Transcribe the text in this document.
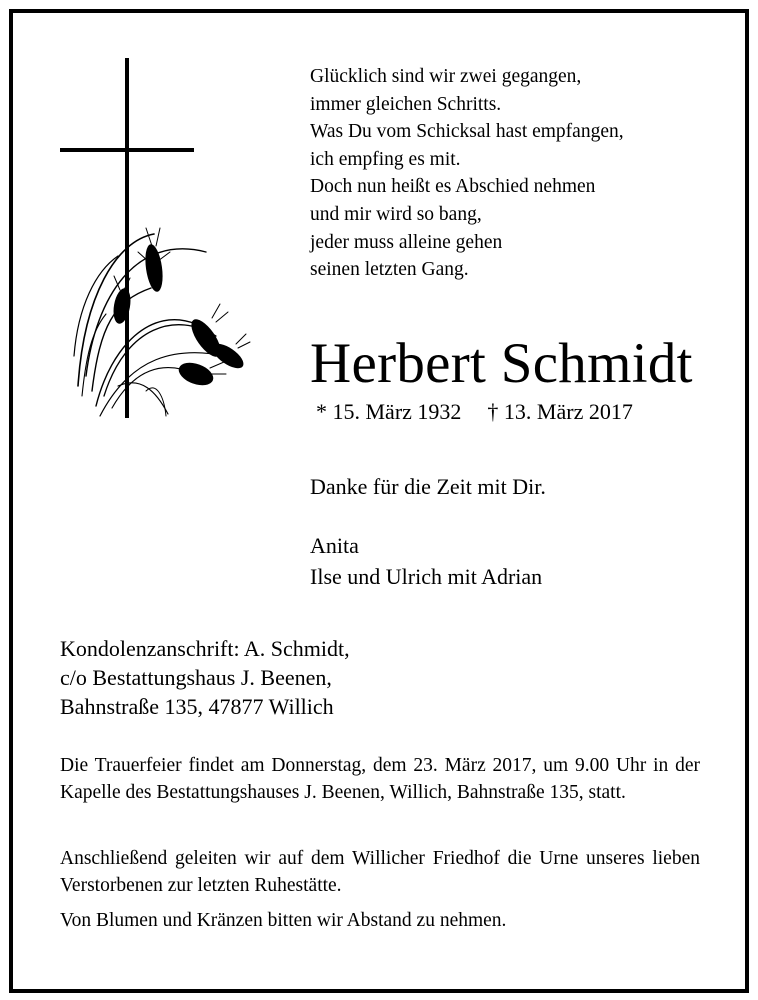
Glücklich sind wir zwei gegangen,
immer gleichen Schritts.
Was Du vom Schicksal hast empfangen,
ich empfing es mit.
Doch nun heißt es Abschied nehmen
und mir wird so bang,
jeder muss alleine gehen
seinen letzten Gang.
Herbert Schmidt
* 15. März 1932 † 13. März 2017
Danke für die Zeit mit Dir.
Anita
Ilse und Ulrich mit Adrian
Kondolenzanschrift: A. Schmidt,
c/o Bestattungshaus J. Beenen,
Bahnstraße 135, 47877 Willich
Die Trauerfeier findet am Donnerstag, dem 23. März 2017, um 9.00 Uhr in der Kapelle des Bestattungshauses J. Beenen, Willich, Bahnstraße 135, statt.
Anschließend geleiten wir auf dem Willicher Friedhof die Urne unseres lieben Verstorbenen zur letzten Ruhestätte.
Von Blumen und Kränzen bitten wir Abstand zu nehmen.
